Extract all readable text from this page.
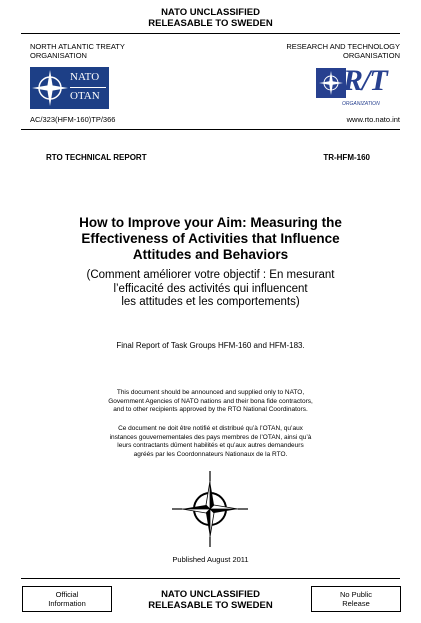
NATO UNCLASSIFIED
RELEASABLE TO SWEDEN
NORTH ATLANTIC TREATY
ORGANISATION
NATO
OTAN
AC/323(HFM-160)TP/366
RESEARCH AND TECHNOLOGY
ORGANISATION
R/T
ORGANIZATION
www.rto.nato.int
RTO TECHNICAL REPORT	TR-HFM-160
How to Improve your Aim: Measuring the
Effectiveness of Activities that Influence
Attitudes and Behaviors
(Comment améliorer votre objectif : En mesurant
l’efficacité des activités qui influencent
les attitudes et les comportements)
Final Report of Task Groups HFM-160 and HFM-183.
This document should be announced and supplied only to NATO,
Government Agencies of NATO nations and their bona fide contractors,
and to other recipients approved by the RTO National Coordinators.
Ce document ne doit être notifié et distribué qu’à l’OTAN, qu’aux
instances gouvernementales des pays membres de l’OTAN, ainsi qu’à
leurs contractants dûment habilités et qu’aux autres demandeurs
agréés par les Coordonnateurs Nationaux de la RTO.
Published August 2011
Official
Information
NATO UNCLASSIFIED
RELEASABLE TO SWEDEN
No Public
Release
